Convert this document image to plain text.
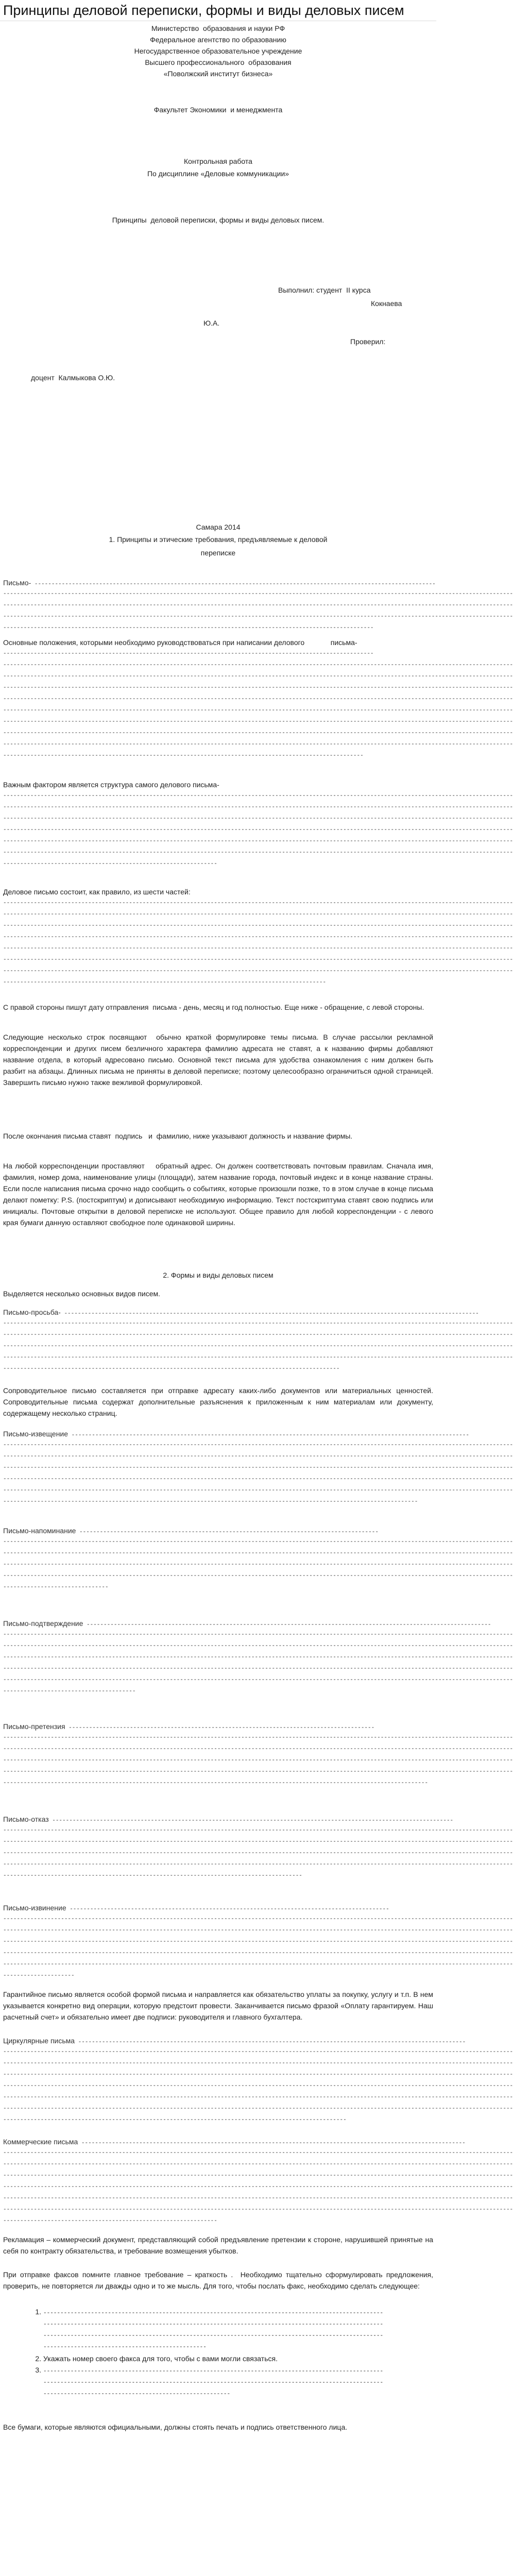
Принципы деловой переписки, формы и виды деловых писем

Министерство  образования и науки РФ

Федеральное агентство по образованию

Негосударственное образовательное учреждение

Высшего профессионального  образования

«Поволжский институт бизнеса»

Факультет Экономики  и менеджмента

Контрольная работа

По дисциплине «Деловые коммуникации»

Принципы  деловой переписки, формы и виды деловых писем.

Выполнил: студент  II курса

Кокнаева

Ю.А.

Проверил:

доцент  Калмыкова О.Ю.

Самара 2014

1. Принципы и этические требования, предъявляемые к деловой

переписке

Письмо- ----------------------------------------------------------------------------------------------------------------------
------------------------------------------------------------------------------------------------------------------------------------------------------
------------------------------------------------------------------------------------------------------------------------------------------------------
------------------------------------------------------------------------------------------------------------------------------------------------------
-------------------------------------------------------------------------------------------------------------

Основные положения, которыми необходимо руководствоваться при написании делового             письма-

-------------------------------------------------------------------------------------------------------------
------------------------------------------------------------------------------------------------------------------------------------------------------
------------------------------------------------------------------------------------------------------------------------------------------------------
------------------------------------------------------------------------------------------------------------------------------------------------------
------------------------------------------------------------------------------------------------------------------------------------------------------
------------------------------------------------------------------------------------------------------------------------------------------------------
------------------------------------------------------------------------------------------------------------------------------------------------------
------------------------------------------------------------------------------------------------------------------------------------------------------
------------------------------------------------------------------------------------------------------------------------------------------------------
----------------------------------------------------------------------------------------------------------

Важным фактором является структура самого делового письма-

------------------------------------------------------------------------------------------------------------------------------------------------------
------------------------------------------------------------------------------------------------------------------------------------------------------
------------------------------------------------------------------------------------------------------------------------------------------------------
------------------------------------------------------------------------------------------------------------------------------------------------------
------------------------------------------------------------------------------------------------------------------------------------------------------
------------------------------------------------------------------------------------------------------------------------------------------------------
---------------------------------------------------------------

Деловое письмо состоит, как правило, из шести частей:

------------------------------------------------------------------------------------------------------------------------------------------------------
------------------------------------------------------------------------------------------------------------------------------------------------------
------------------------------------------------------------------------------------------------------------------------------------------------------
------------------------------------------------------------------------------------------------------------------------------------------------------
------------------------------------------------------------------------------------------------------------------------------------------------------
------------------------------------------------------------------------------------------------------------------------------------------------------
------------------------------------------------------------------------------------------------------------------------------------------------------
-----------------------------------------------------------------------------------------------

С правой стороны пишут дату отправления  письма - день, месяц и год полностью. Еще ниже - обращение, с левой стороны.

Следующие несколько строк посвящают  обычно краткой формулировке темы письма. В случае рассылки рекламной корреспонденции и других писем безличного характера фамилию адресата не ставят, а к названию фирмы добавляют название отдела, в который адресовано письмо. Основной текст письма для удобства ознакомления с ним должен быть разбит на абзацы. Длинных письма не приняты в деловой переписке; поэтому целесообразно ограничиться одной страницей. Завершить письмо нужно также вежливой формулировкой.

После окончания письма ставят  подпись   и  фамилию, ниже указывают должность и название фирмы.

На любой корреспонденции проставляют    обратный адрес. Он должен соответствовать почтовым правилам. Сначала имя, фамилия, номер дома, наименование улицы (площади), затем название города, почтовый индекс и в конце название страны. Если после написания письма срочно надо сообщить о событиях, которые произошли позже, то в этом случае в конце письма делают пометку: P.S. (постскриптум) и дописывают необходимую информацию. Текст постскриптума ставят свою подпись или инициалы. Почтовые открытки в деловой переписке не используют. Общее правило для любой корреспонденции - с левого края бумаги данную оставляют свободное поле одинаковой ширины.

2. Формы и виды деловых писем

Выделяется несколько основных видов писем.

Письмо-просьба- --------------------------------------------------------------------------------------------------------------------------
------------------------------------------------------------------------------------------------------------------------------------------------------
------------------------------------------------------------------------------------------------------------------------------------------------------
------------------------------------------------------------------------------------------------------------------------------------------------------
------------------------------------------------------------------------------------------------------------------------------------------------------
---------------------------------------------------------------------------------------------------

Сопроводительное письмо составляется при отправке адресату каких-либо документов или материальных ценностей. Сопроводительные письма содержат дополнительные разъяснения к приложенным к ним материалам или документу, содержащему несколько страниц.

Письмо-извещение ---------------------------------------------------------------------------------------------------------------------
------------------------------------------------------------------------------------------------------------------------------------------------------
------------------------------------------------------------------------------------------------------------------------------------------------------
------------------------------------------------------------------------------------------------------------------------------------------------------
------------------------------------------------------------------------------------------------------------------------------------------------------
------------------------------------------------------------------------------------------------------------------------------------------------------
--------------------------------------------------------------------------------------------------------------------------
Письмо-напоминание ----------------------------------------------------------------------------------------
------------------------------------------------------------------------------------------------------------------------------------------------------
------------------------------------------------------------------------------------------------------------------------------------------------------
------------------------------------------------------------------------------------------------------------------------------------------------------
------------------------------------------------------------------------------------------------------------------------------------------------------
-------------------------------
Письмо-подтверждение -----------------------------------------------------------------------------------------------------------------------
------------------------------------------------------------------------------------------------------------------------------------------------------
------------------------------------------------------------------------------------------------------------------------------------------------------
------------------------------------------------------------------------------------------------------------------------------------------------------
------------------------------------------------------------------------------------------------------------------------------------------------------
------------------------------------------------------------------------------------------------------------------------------------------------------
---------------------------------------
Письмо-претензия ------------------------------------------------------------------------------------------
------------------------------------------------------------------------------------------------------------------------------------------------------
------------------------------------------------------------------------------------------------------------------------------------------------------
------------------------------------------------------------------------------------------------------------------------------------------------------
------------------------------------------------------------------------------------------------------------------------------------------------------
-----------------------------------------------------------------------------------------------------------------------------
Письмо-отказ ----------------------------------------------------------------------------------------------------------------------
------------------------------------------------------------------------------------------------------------------------------------------------------
------------------------------------------------------------------------------------------------------------------------------------------------------
------------------------------------------------------------------------------------------------------------------------------------------------------
------------------------------------------------------------------------------------------------------------------------------------------------------
----------------------------------------------------------------------------------------
Письмо-извинение ----------------------------------------------------------------------------------------------
------------------------------------------------------------------------------------------------------------------------------------------------------
------------------------------------------------------------------------------------------------------------------------------------------------------
------------------------------------------------------------------------------------------------------------------------------------------------------
------------------------------------------------------------------------------------------------------------------------------------------------------
------------------------------------------------------------------------------------------------------------------------------------------------------
---------------------

Гарантийное письмо является особой формой письма и направляется как обязательство уплаты за покупку, услугу и т.п. В нем указывается конкретно вид операции, которую предстоит провести. Заканчивается письмо фразой «Оплату гарантируем. Наш расчетный счет» и обязательно имеет две подписи: руководителя и главного бухгалтера.

Циркулярные письма ------------------------------------------------------------------------------------------------------------------
------------------------------------------------------------------------------------------------------------------------------------------------------
------------------------------------------------------------------------------------------------------------------------------------------------------
------------------------------------------------------------------------------------------------------------------------------------------------------
------------------------------------------------------------------------------------------------------------------------------------------------------
------------------------------------------------------------------------------------------------------------------------------------------------------
------------------------------------------------------------------------------------------------------------------------------------------------------
-----------------------------------------------------------------------------------------------------
Коммерческие письма -----------------------------------------------------------------------------------------------------------------
------------------------------------------------------------------------------------------------------------------------------------------------------
------------------------------------------------------------------------------------------------------------------------------------------------------
------------------------------------------------------------------------------------------------------------------------------------------------------
------------------------------------------------------------------------------------------------------------------------------------------------------
------------------------------------------------------------------------------------------------------------------------------------------------------
------------------------------------------------------------------------------------------------------------------------------------------------------
---------------------------------------------------------------

Рекламация – коммерческий документ, представляющий собой предъявление претензии к стороне, нарушившей принятые на себя по контракту обязательства, и требование возмещения убытков.

При отправке факсов помните главное требование – краткость .  Необходимо тщательно сформулировать предложения, проверить, не повторяется ли дважды одно и то же мысль. Для того, чтобы послать факс, необходимо сделать следующее:

1. ----------------------------------------------------------------------------------------------------
----------------------------------------------------------------------------------------------------
----------------------------------------------------------------------------------------------------
------------------------------------------------
2. Укажать номер своего факса для того, чтобы с вами могли связаться.
3. ----------------------------------------------------------------------------------------------------
----------------------------------------------------------------------------------------------------
-------------------------------------------------------

Все бумаги, которые являются официальными, должны стоять печать и подпись ответственного лица.
